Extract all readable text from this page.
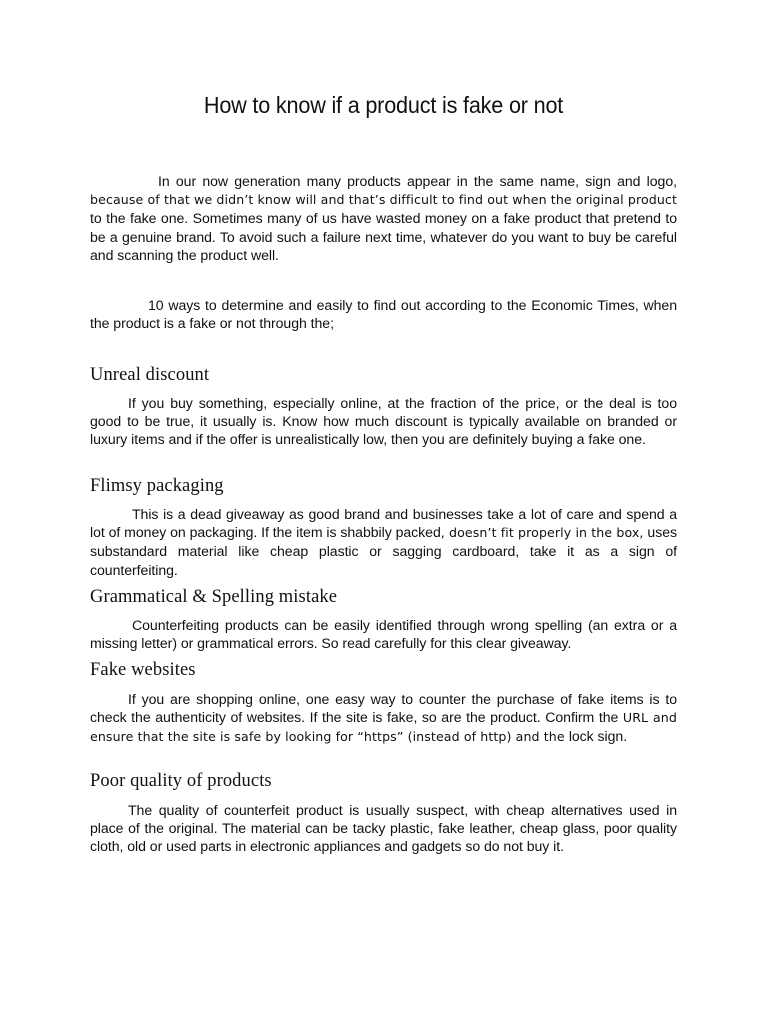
How to know if a product is fake or not

In our now generation many products appear in the same name, sign and logo, because of that we didn’t know will and that’s difficult to find out when the original product to the fake one. Sometimes many of us have wasted money on a fake product that pretend to be a genuine brand. To avoid such a failure next time, whatever do you want to buy be careful and scanning the product well.

10 ways to determine and easily to find out according to the Economic Times, when the product is a fake or not through the;

Unreal discount

If you buy something, especially online, at the fraction of the price, or the deal is too good to be true, it usually is. Know how much discount is typically available on branded or luxury items and if the offer is unrealistically low, then you are definitely buying a fake one.

Flimsy packaging

This is a dead giveaway as good brand and businesses take a lot of care and spend a lot of money on packaging. If the item is shabbily packed, doesn’t fit properly in the box, uses substandard material like cheap plastic or sagging cardboard, take it as a sign of counterfeiting.

Grammatical & Spelling mistake

Counterfeiting products can be easily identified through wrong spelling (an extra or a missing letter) or grammatical errors. So read carefully for this clear giveaway.

Fake websites

If you are shopping online, one easy way to counter the purchase of fake items is to check the authenticity of websites. If the site is fake, so are the product. Confirm the URL and ensure that the site is safe by looking for “https” (instead of http) and the lock sign.

Poor quality of products

The quality of counterfeit product is usually suspect, with cheap alternatives used in place of the original. The material can be tacky plastic, fake leather, cheap glass, poor quality cloth, old or used parts in electronic appliances and gadgets so do not buy it.
